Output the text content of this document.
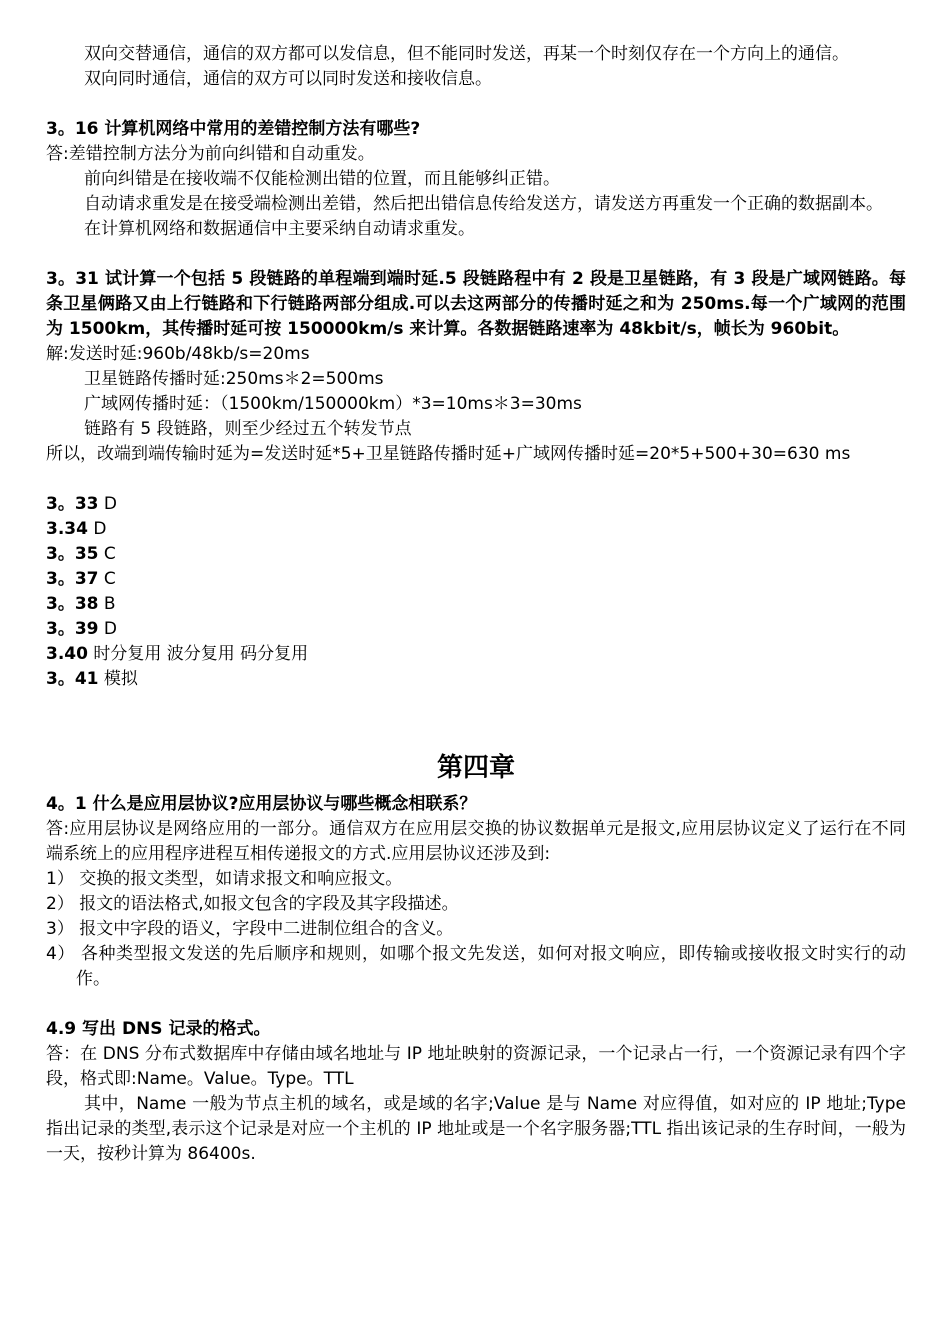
双向交替通信，通信的双方都可以发信息，但不能同时发送，再某一个时刻仅存在一个方向上的通信。

双向同时通信，通信的双方可以同时发送和接收信息。

3。16 计算机网络中常用的差错控制方法有哪些?

答:差错控制方法分为前向纠错和自动重发。

前向纠错是在接收端不仅能检测出错的位置，而且能够纠正错。

自动请求重发是在接受端检测出差错，然后把出错信息传给发送方，请发送方再重发一个正确的数据副本。

在计算机网络和数据通信中主要采纳自动请求重发。

3。31 试计算一个包括 5 段链路的单程端到端时延.5 段链路程中有 2 段是卫星链路，有 3 段是广域网链路。每条卫星俩路又由上行链路和下行链路两部分组成.可以去这两部分的传播时延之和为 250ms.每一个广域网的范围为 1500km，其传播时延可按 150000km/s 来计算。各数据链路速率为 48kbit/s，帧长为 960bit。

解:发送时延:960b/48kb/s=20ms

卫星链路传播时延:250ms＊2=500ms

广域网传播时延：（1500km/150000km）*3=10ms＊3=30ms

链路有 5 段链路，则至少经过五个转发节点

所以，改端到端传输时延为=发送时延*5+卫星链路传播时延+广域网传播时延=20*5+500+30=630 ms

3。33 D

3.34 D

3。35 C

3。37 C

3。38 B

3。39 D

3.40 时分复用 波分复用 码分复用

3。41 模拟

第四章

4。1 什么是应用层协议?应用层协议与哪些概念相联系？

答:应用层协议是网络应用的一部分。通信双方在应用层交换的协议数据单元是报文,应用层协议定义了运行在不同端系统上的应用程序进程互相传递报文的方式.应用层协议还涉及到:

1） 交换的报文类型，如请求报文和响应报文。

2） 报文的语法格式,如报文包含的字段及其字段描述。

3） 报文中字段的语义，字段中二进制位组合的含义。

4） 各种类型报文发送的先后顺序和规则，如哪个报文先发送，如何对报文响应，即传输或接收报文时实行的动作。

4.9 写出 DNS 记录的格式。

答：在 DNS 分布式数据库中存储由域名地址与 IP 地址映射的资源记录，一个记录占一行，一个资源记录有四个字段，格式即:Name。Value。Type。TTL

其中，Name 一般为节点主机的域名，或是域的名字;Value 是与 Name 对应得值，如对应的 IP 地址;Type 指出记录的类型,表示这个记录是对应一个主机的 IP 地址或是一个名字服务器;TTL 指出该记录的生存时间，一般为一天，按秒计算为 86400s.
